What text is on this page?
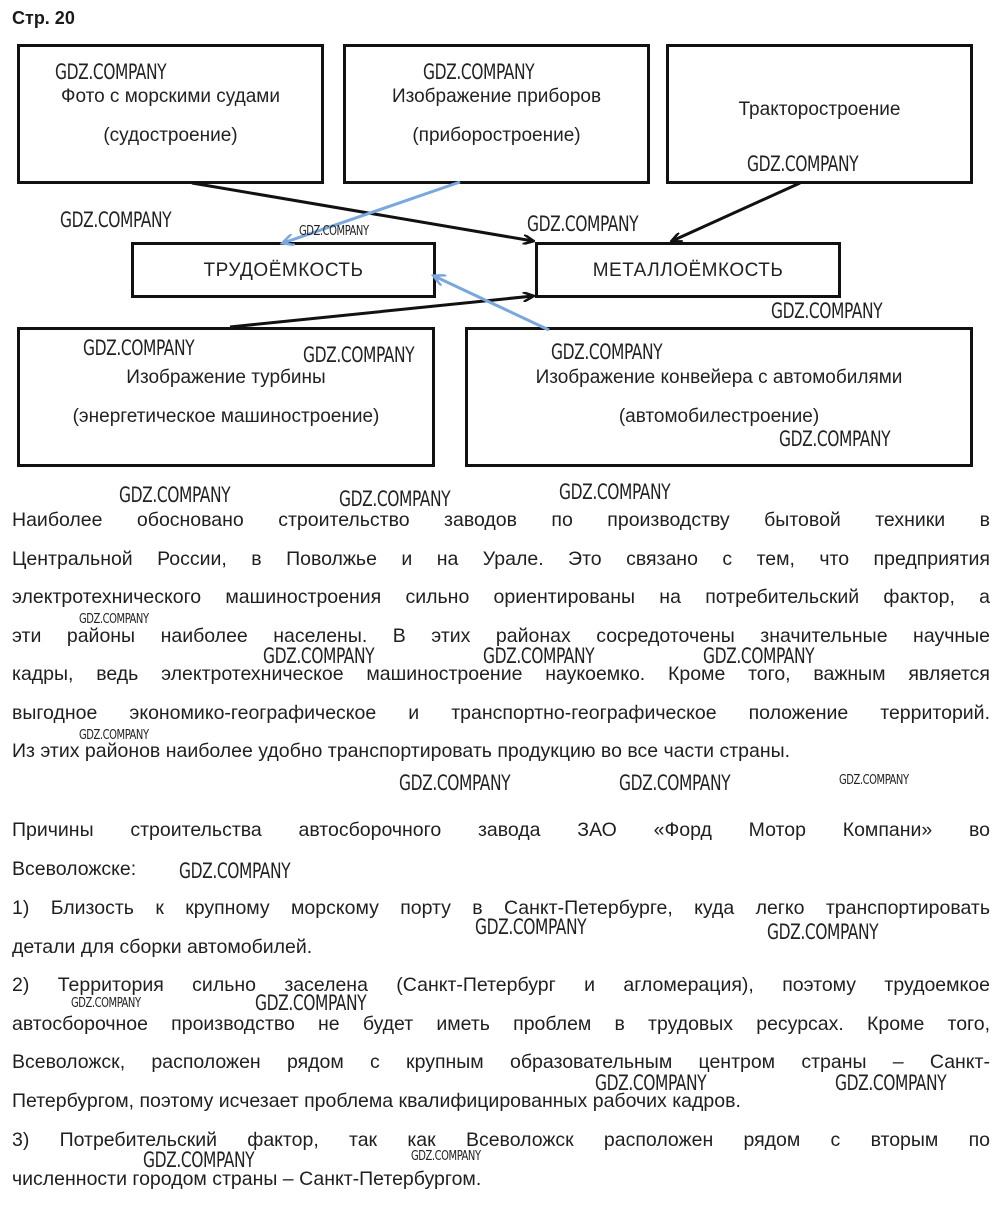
Стр. 20
Фото с морскими судами
(судостроение)
Изображение приборов
(приборостроение)
Тракторостроение
ТРУДОЁМКОСТЬ	МЕТАЛЛОЁМКОСТЬ
Изображение турбины
(энергетическое машиностроение)
Изображение конвейера с автомобилями
(автомобилестроение)
Наиболее обосновано строительство заводов по производству бытовой техники в
Центральной России, в Поволжье и на Урале. Это связано с тем, что предприятия
электротехнического машиностроения сильно ориентированы на потребительский фактор, а
эти районы наиболее населены. В этих районах сосредоточены значительные научные
кадры, ведь электротехническое машиностроение наукоемко. Кроме того, важным является
выгодное экономико-географическое и транспортно-географическое положение территорий.
Из этих районов наиболее удобно транспортировать продукцию во все части страны.
Причины строительства автосборочного завода ЗАО «Форд Мотор Компани» во
Всеволожске:
1) Близость к крупному морскому порту в Санкт-Петербурге, куда легко транспортировать
детали для сборки автомобилей.
2) Территория сильно заселена (Санкт-Петербург и агломерация), поэтому трудоемкое
автосборочное производство не будет иметь проблем в трудовых ресурсах. Кроме того,
Всеволожск, расположен рядом с крупным образовательным центром страны – Санкт-
Петербургом, поэтому исчезает проблема квалифицированных рабочих кадров.
3) Потребительский фактор, так как Всеволожск расположен рядом с вторым по
численности городом страны – Санкт-Петербургом.
GDZ.COMPANY	GDZ.COMPANY
GDZ.COMPANY
GDZ.COMPANY	GDZ.COMPANY
GDZ.COMPANY
GDZ.COMPANY
GDZ.COMPANY	GDZ.COMPANY	GDZ.COMPANY
GDZ.COMPANY
GDZ.COMPANY	GDZ.COMPANY	GDZ.COMPANY
GDZ.COMPANY
GDZ.COMPANY	GDZ.COMPANY	GDZ.COMPANY
GDZ.COMPANY
GDZ.COMPANY	GDZ.COMPANY	GDZ.COMPANY
GDZ.COMPANY
GDZ.COMPANY	GDZ.COMPANY
GDZ.COMPANY	GDZ.COMPANY
GDZ.COMPANY	GDZ.COMPANY
GDZ.COMPANY	GDZ.COMPANY
